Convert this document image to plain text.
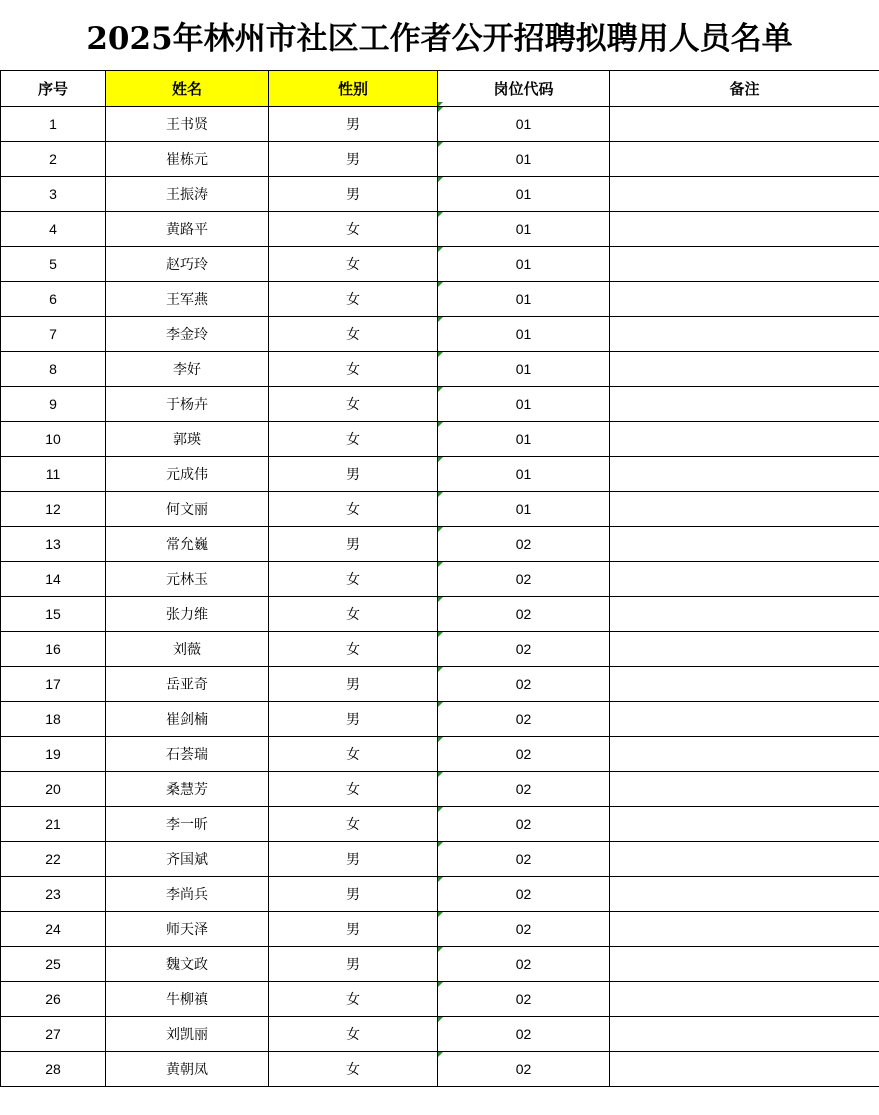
2025年林州市社区工作者公开招聘拟聘用人员名单
序号	姓名	性别	岗位代码	备注
1	王书贤	男	01	
2	崔栋元	男	01	
3	王振涛	男	01	
4	黄路平	女	01	
5	赵巧玲	女	01	
6	王军燕	女	01	
7	李金玲	女	01	
8	李好	女	01	
9	于杨卉	女	01	
10	郭瑛	女	01	
11	元成伟	男	01	
12	何文丽	女	01	
13	常允巍	男	02	
14	元林玉	女	02	
15	张力维	女	02	
16	刘薇	女	02	
17	岳亚奇	男	02	
18	崔剑楠	男	02	
19	石荟瑞	女	02	
20	桑慧芳	女	02	
21	李一昕	女	02	
22	齐国斌	男	02	
23	李尚兵	男	02	
24	师天泽	男	02	
25	魏文政	男	02	
26	牛柳禛	女	02	
27	刘凯丽	女	02	
28	黄朝凤	女	02	
